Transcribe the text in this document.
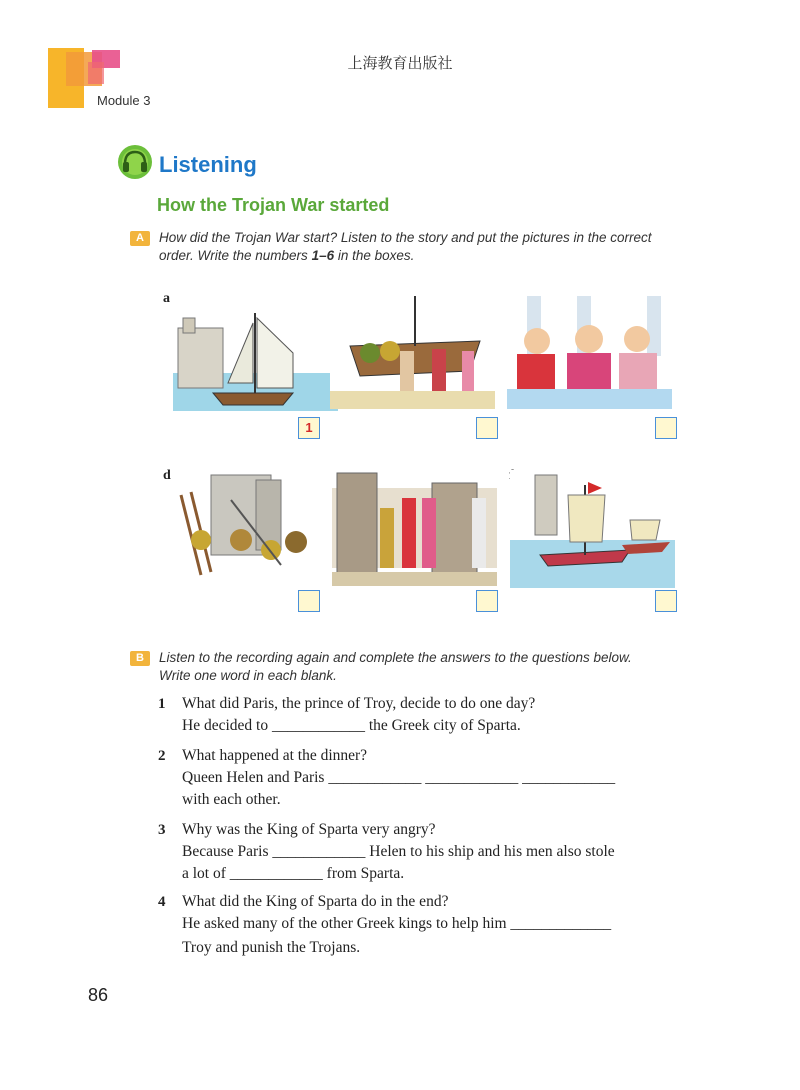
上海教育出版社
Module 3
Listening
How the Trojan War started
A	How did the Trojan War start? Listen to the story and put the pictures in the correct
order. Write the numbers 1–6 in the boxes.
a
1
d
B	Listen to the recording again and complete the answers to the questions below.
Write one word in each blank.
1 What did Paris, the prince of Troy, decide to do one day?
He decided to ____________ the Greek city of Sparta.
2 What happened at the dinner?
Queen Helen and Paris ____________ ____________ ____________
with each other.
3 Why was the King of Sparta very angry?
Because Paris ____________ Helen to his ship and his men also stole
a lot of ____________ from Sparta.
4 What did the King of Sparta do in the end?
He asked many of the other Greek kings to help him _____________
Troy and punish the Trojans.
86
